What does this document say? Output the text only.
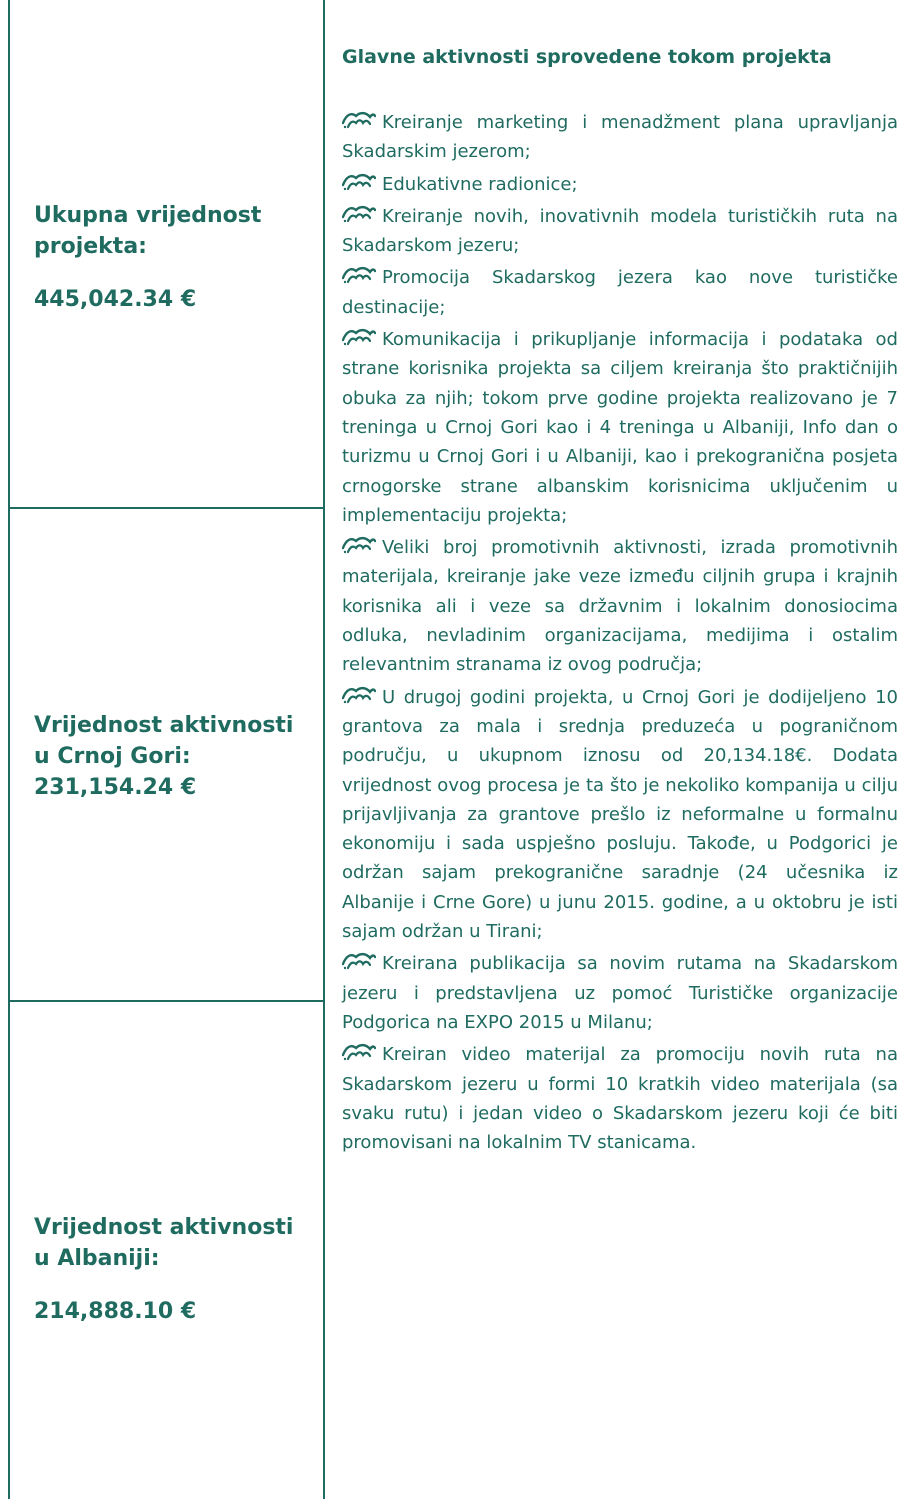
Ukupna vrijednost projekta:
445,042.34 €
Vrijednost aktivnosti u Crnoj Gori:
231,154.24 €
Vrijednost aktivnosti u Albaniji:
214,888.10 €

Glavne aktivnosti sprovedene tokom projekta

Kreiranje marketing i menadžment plana upravljanja Skadarskim jezerom;

Edukativne radionice;

Kreiranje novih, inovativnih modela turističkih ruta na Skadarskom jezeru;

Promocija Skadarskog jezera kao nove turističke destinacije;

Komunikacija i prikupljanje informacija i podataka od strane korisnika projekta sa ciljem kreiranja što praktičnijih obuka za njih; tokom prve godine projekta realizovano je 7 treninga u Crnoj Gori kao i 4 treninga u Albaniji, Info dan o turizmu u Crnoj Gori i u Albaniji, kao i prekogranična posjeta crnogorske strane albanskim korisnicima uključenim u implementaciju projekta;

Veliki broj promotivnih aktivnosti, izrada promotivnih materijala, kreiranje jake veze između ciljnih grupa i krajnih korisnika ali i veze sa državnim i lokalnim donosiocima odluka, nevladinim organizacijama, medijima i ostalim relevantnim stranama iz ovog područja;

U drugoj godini projekta, u Crnoj Gori je dodijeljeno 10 grantova za mala i srednja preduzeća u pograničnom području, u ukupnom iznosu od 20,134.18€. Dodata vrijednost ovog procesa je ta što je nekoliko kompanija u cilju prijavljivanja za grantove prešlo iz neformalne u formalnu ekonomiju i sada uspješno posluju. Takođe, u Podgorici je održan sajam prekogranične saradnje (24 učesnika iz Albanije i Crne Gore) u junu 2015. godine, a u oktobru je isti sajam održan u Tirani;

Kreirana publikacija sa novim rutama na Skadarskom jezeru i predstavljena uz pomoć Turističke organizacije Podgorica na EXPO 2015 u Milanu;

Kreiran video materijal za promociju novih ruta na Skadarskom jezeru u formi 10 kratkih video materijala (sa svaku rutu) i jedan video o Skadarskom jezeru koji će biti promovisani na lokalnim TV stanicama.
